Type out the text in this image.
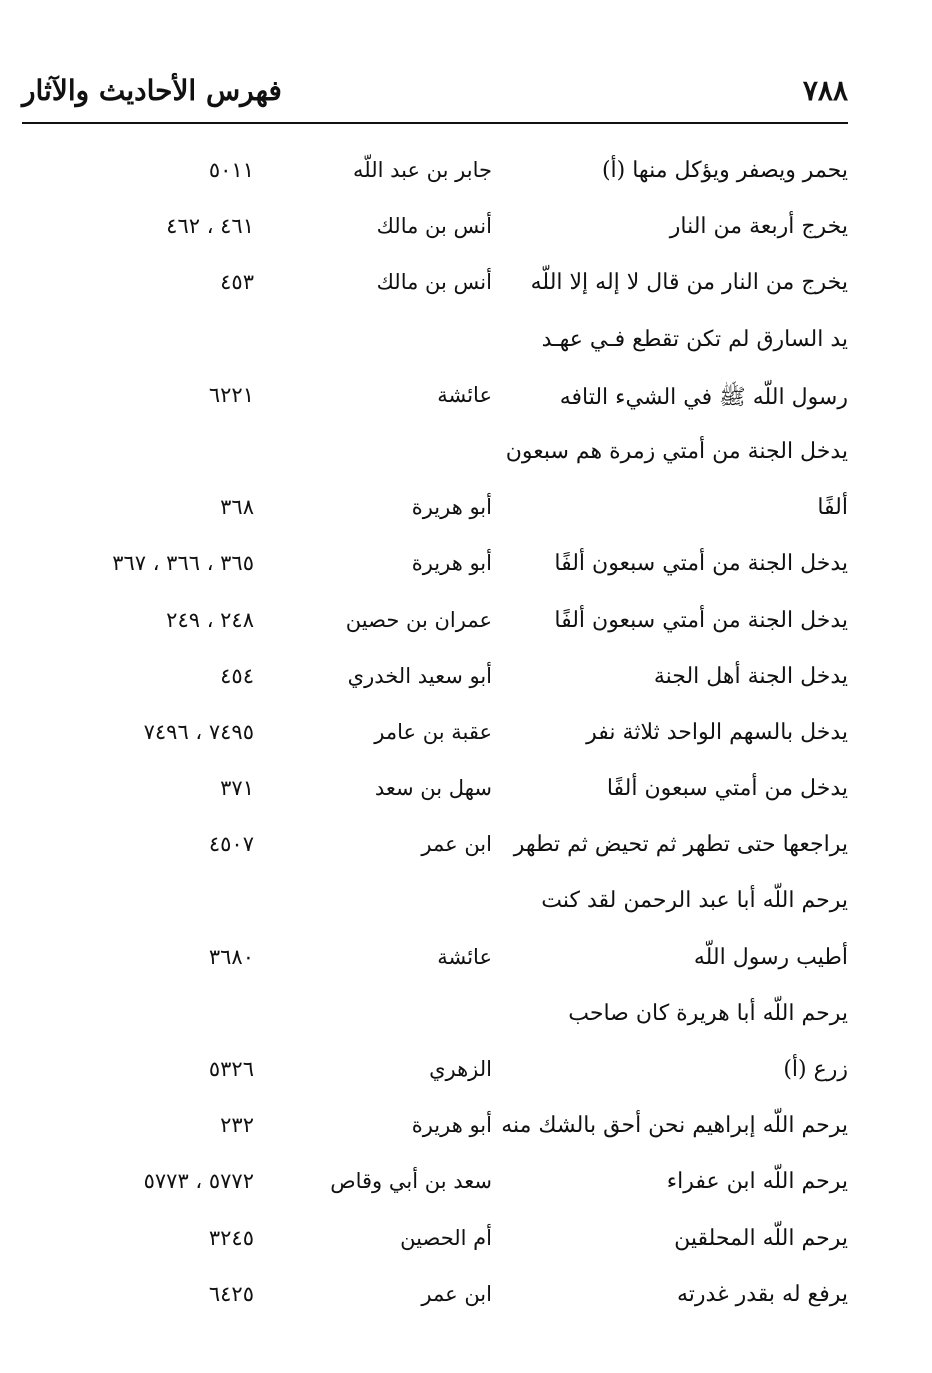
٧٨٨
فهرس الأحاديث والآثار
يحمر ويصفر ويؤكل منها (أ)
جابر بن عبد اللّه
٥٠١١
يخرج أربعة من النار
أنس بن مالك
٤٦١ ، ٤٦٢
يخرج من النار من قال لا إله إلا اللّه
أنس بن مالك
٤٥٣
يد السارق لم تكن تقطع فـي عهـد
رسول اللّه ﷺ في الشيء التافه
عائشة
٦٢٢١
يدخل الجنة من أمتي زمرة هم سبعون
ألفًا
أبو هريرة
٣٦٨
يدخل الجنة من أمتي سبعون ألفًا
أبو هريرة
٣٦٥ ، ٣٦٦ ، ٣٦٧
يدخل الجنة من أمتي سبعون ألفًا
عمران بن حصين
٢٤٨ ، ٢٤٩
يدخل الجنة أهل الجنة
أبو سعيد الخدري
٤٥٤
يدخل بالسهم الواحد ثلاثة نفر
عقبة بن عامر
٧٤٩٥ ، ٧٤٩٦
يدخل من أمتي سبعون ألفًا
سهل بن سعد
٣٧١
يراجعها حتى تطهر ثم تحيض ثم تطهر
ابن عمر
٤٥٠٧
يرحم اللّه أبا عبد الرحمن لقد كنت
أطيب رسول اللّه
عائشة
٣٦٨٠
يرحم اللّه أبا هريرة كان صاحب
زرع (أ)
الزهري
٥٣٢٦
يرحم اللّه إبراهيم نحن أحق بالشك منه
أبو هريرة
٢٣٢
يرحم اللّه ابن عفراء
سعد بن أبي وقاص
٥٧٧٢ ، ٥٧٧٣
يرحم اللّه المحلقين
أم الحصين
٣٢٤٥
يرفع له بقدر غدرته
ابن عمر
٦٤٢٥
